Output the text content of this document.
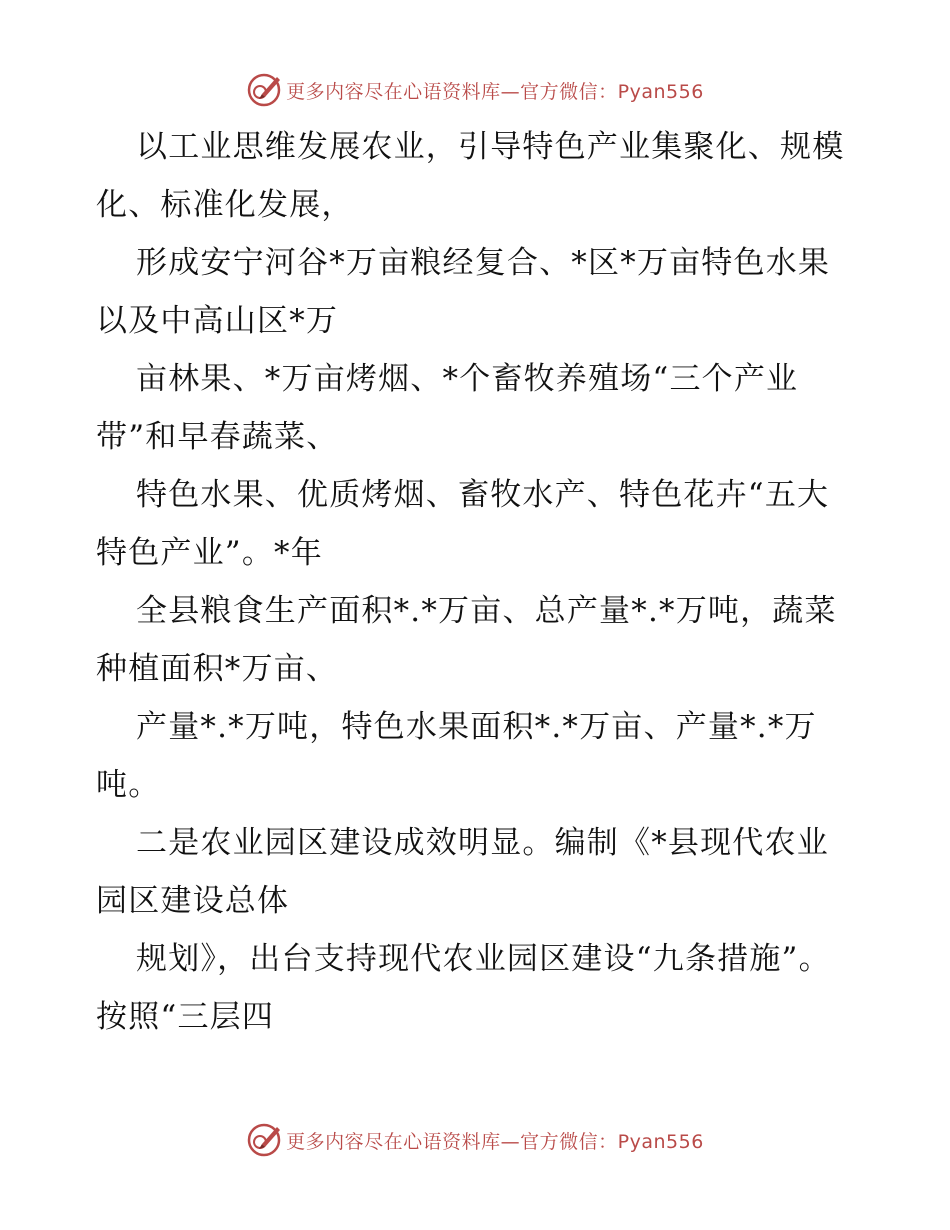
更多内容尽在心语资料库—官方微信：Pyan556

以工业思维发展农业，引导特色产业集聚化、规模化、标准化发展，

形成安宁河谷*万亩粮经复合、*区*万亩特色水果以及中高山区*万

亩林果、*万亩烤烟、*个畜牧养殖场“三个产业带”和早春蔬菜、

特色水果、优质烤烟、畜牧水产、特色花卉“五大特色产业”。*年

全县粮食生产面积*.*万亩、总产量*.*万吨，蔬菜种植面积*万亩、

产量*.*万吨，特色水果面积*.*万亩、产量*.*万吨。

二是农业园区建设成效明显。编制《*县现代农业园区建设总体

规划》，出台支持现代农业园区建设“九条措施”。按照“三层四

更多内容尽在心语资料库—官方微信：Pyan556
